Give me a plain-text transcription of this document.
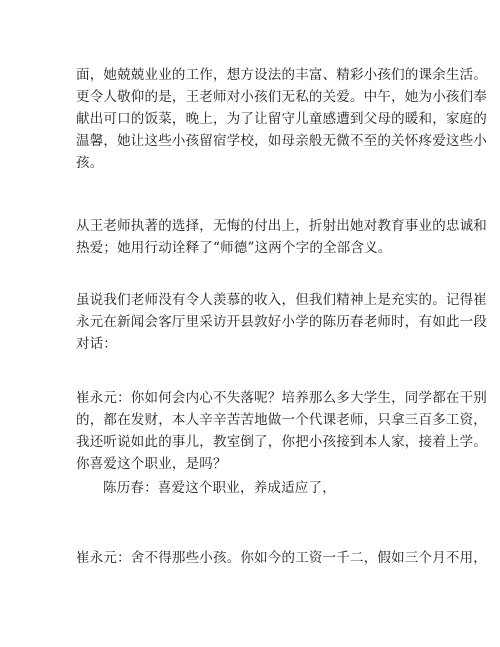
面，她兢兢业业的工作，想方设法的丰富、精彩小孩们的课余生活。
更令人敬仰的是，王老师对小孩们无私的关爱。中午，她为小孩们奉
献出可口的饭菜，晚上，为了让留守儿童感遭到父母的暖和，家庭的
温馨，她让这些小孩留宿学校，如母亲般无微不至的关怀疼爱这些小
孩。

从王老师执著的选择，无悔的付出上，折射出她对教育事业的忠诚和
热爱；她用行动诠释了“师德”这两个字的全部含义。

虽说我们老师没有令人羡慕的收入，但我们精神上是充实的。记得崔
永元在新闻会客厅里采访开县敦好小学的陈历春老师时，有如此一段
对话：

崔永元：你如何会内心不失落呢？培养那么多大学生，同学都在干别
的，都在发财，本人辛辛苦苦地做一个代课老师，只拿三百多工资，
我还听说如此的事儿，教室倒了，你把小孩接到本人家，接着上学。
你喜爱这个职业，是吗？

陈历春：喜爱这个职业，养成适应了，

崔永元：舍不得那些小孩。你如今的工资一千二，假如三个月不用，
